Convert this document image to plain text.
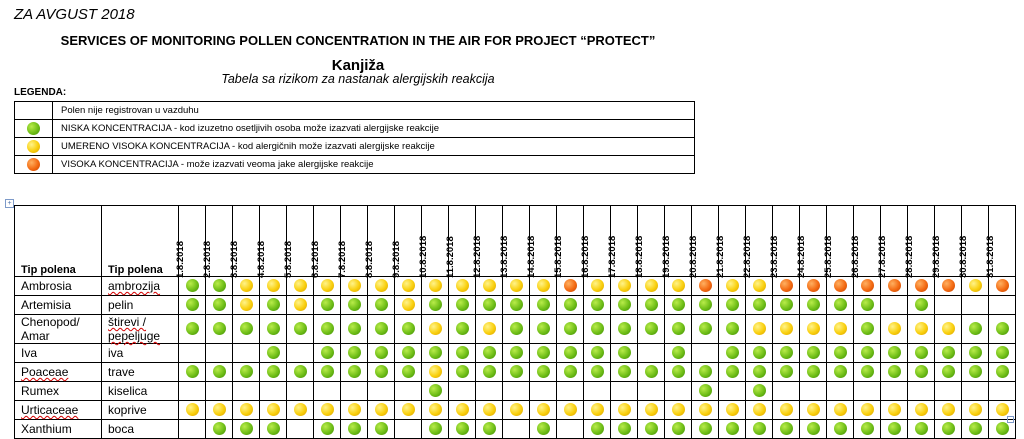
ZA AVGUST 2018
SERVICES OF MONITORING POLLEN CONCENTRATION IN THE AIR FOR PROJECT “PROTECT”
Kanjiža
Tabela sa rizikom za nastanak alergijskih reakcija
LEGENDA:
	Polen nije registrovan u vazduhu
	NISKA KONCENTRACIJA - kod izuzetno osetljivih osoba može izazvati alergijske reakcije
	UMERENO VISOKA KONCENTRACIJA - kod alergičnih može izazvati alergijske reakcije
	VISOKA KONCENTRACIJA - može izazvati veoma jake alergijske reakcije
+
Tip polena	Tip polena	1.8.2018	2.8.2018	3.8.2018	4.8.2018	5.8.2018	6.8.2018	7.8.2018	8.8.2018	9.8.2018	10.8.2018	11.8.2018	12.8.2018	13.8.2018	14.8.2018	15.8.2018	16.8.2018	17.8.2018	18.8.2018	19.8.2018	20.8.2018	21.8.2018	22.8.2018	23.8.2018	24.8.2018	25.8.2018	26.8.2018	27.8.2018	28.8.2018	29.8.2018	30.8.2018	31.8.2018

Ambrosia	ambrozija																															
Artemisia	pelin																															
Chenopod/
Amar	štirevi /
pepeljuge																															
Iva	iva																															
Poaceae	trave																															
Rumex	kiselica																															
Urticaceae	koprive																															
Xanthium	boca																															
